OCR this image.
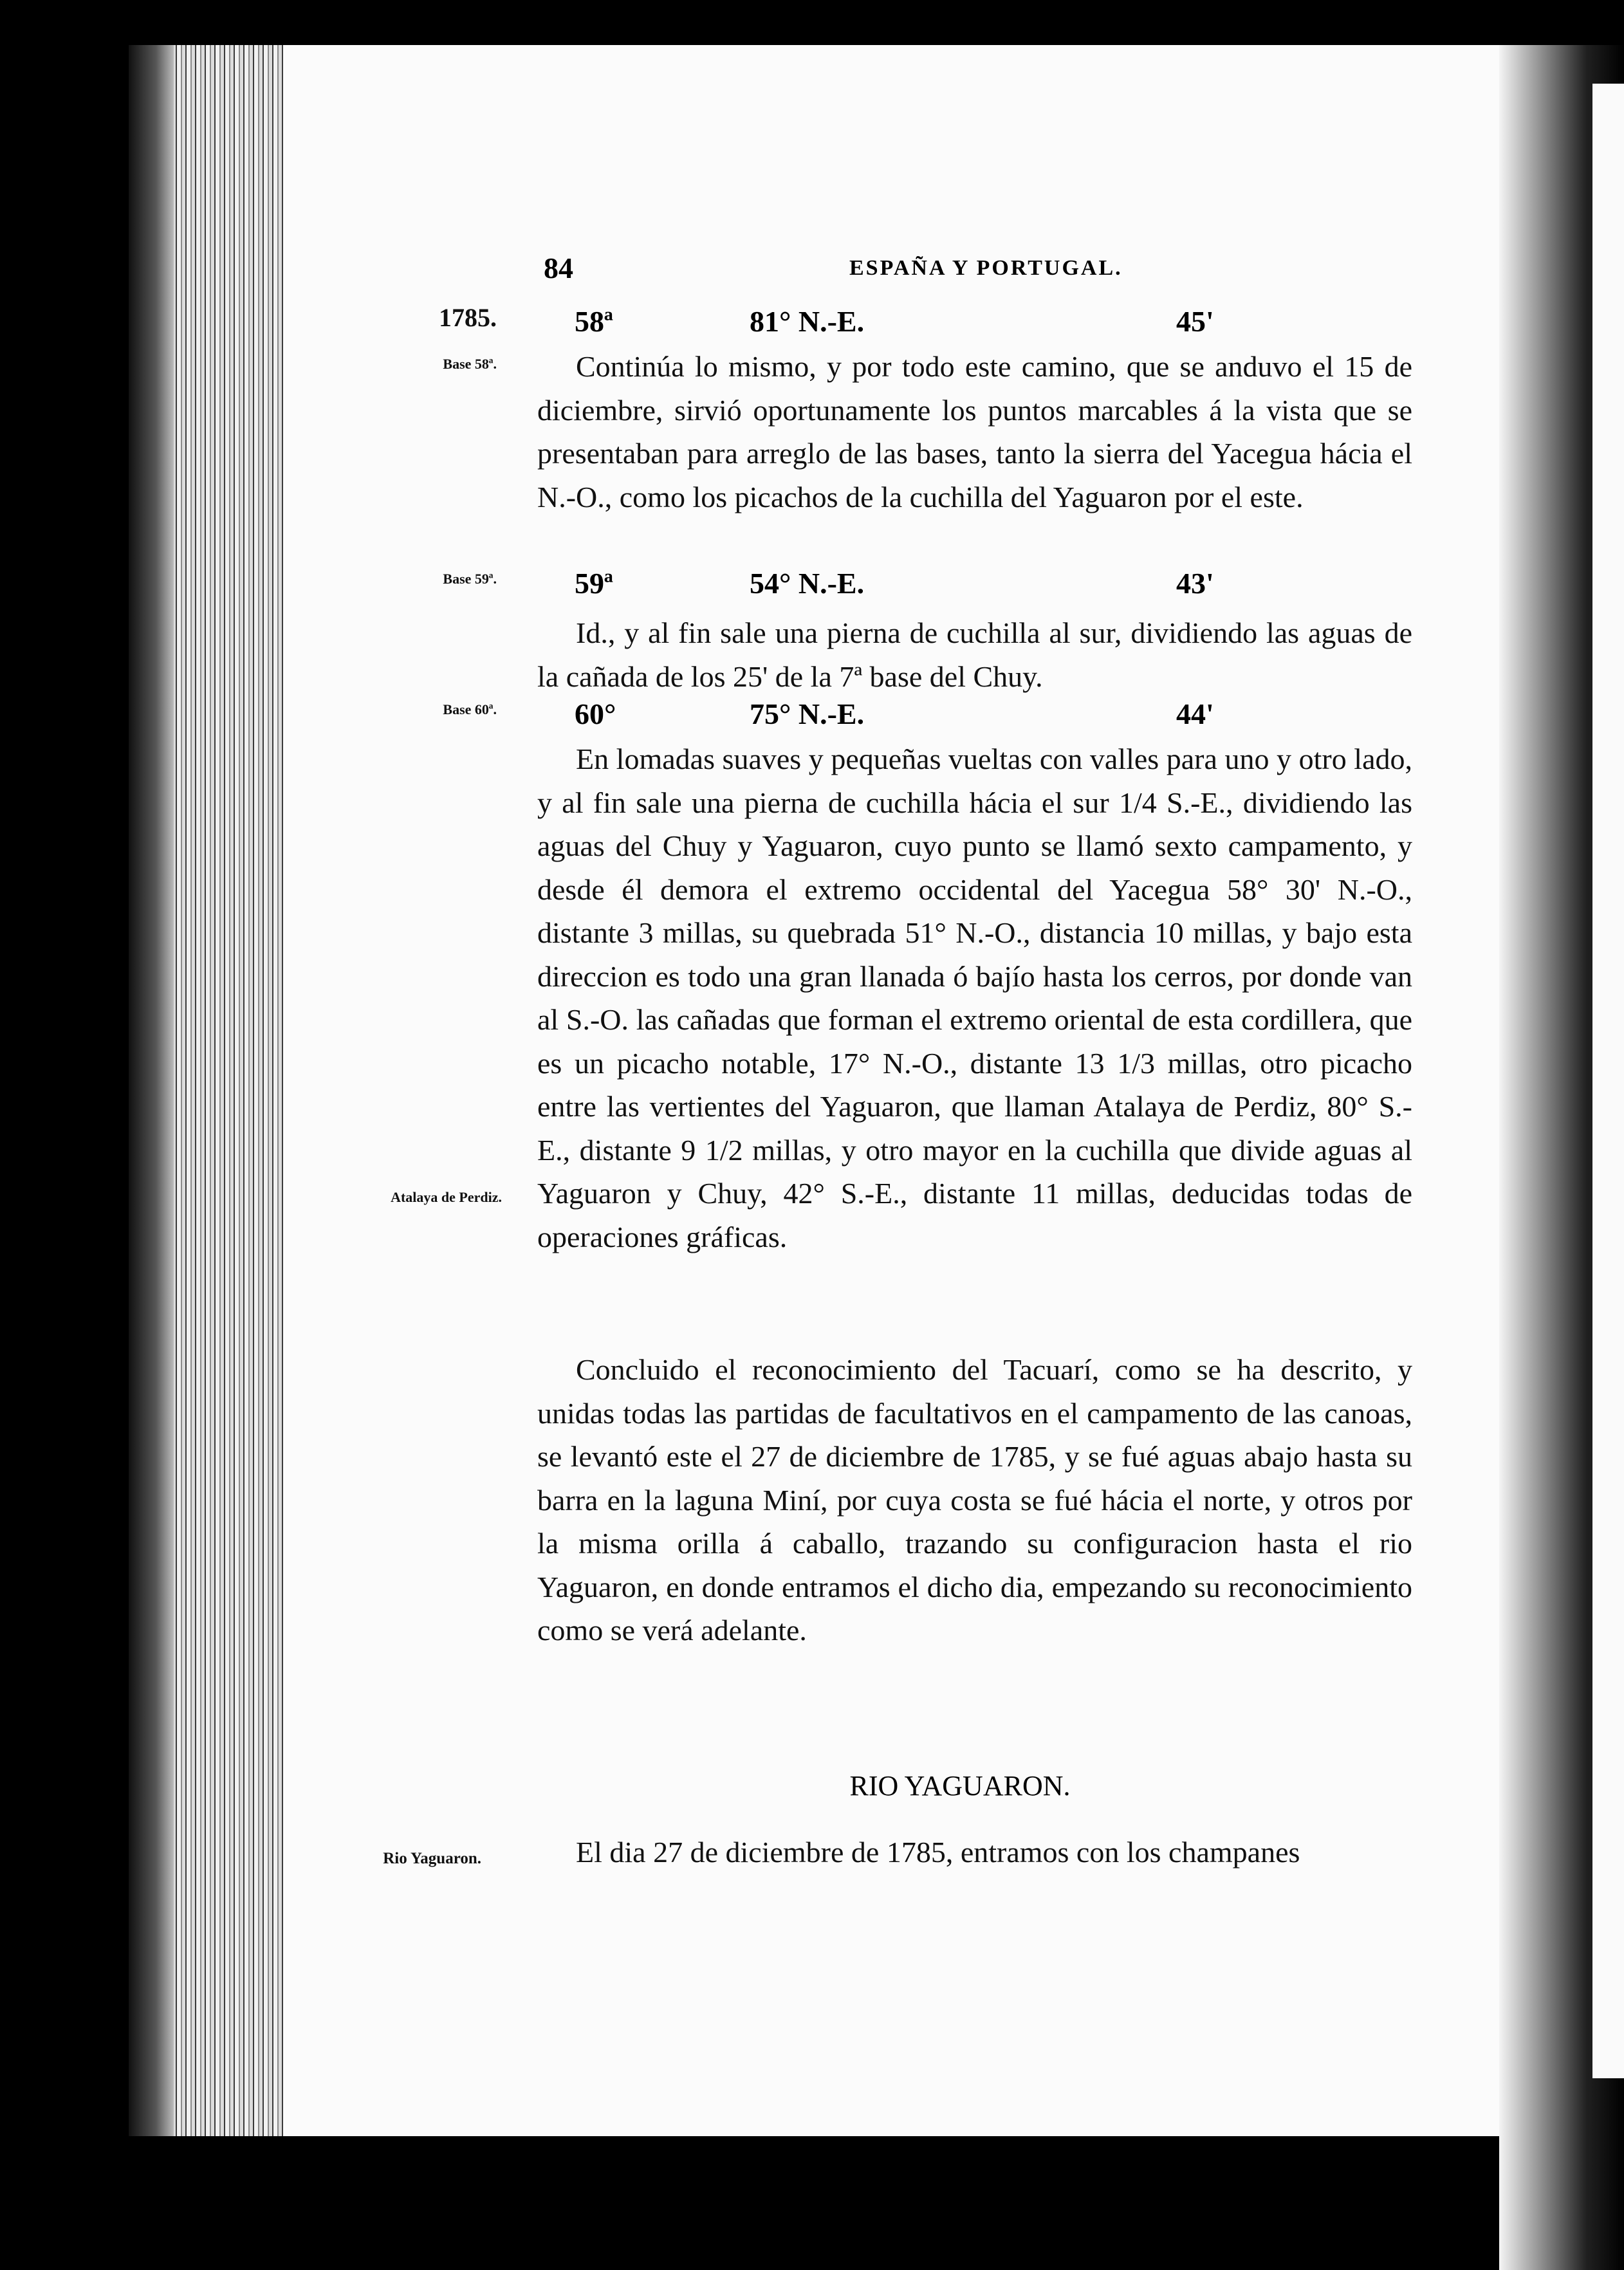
84	ESPAÑA Y PORTUGAL.
1785.
Base 58ª.
Base 59ª.
Base 60ª.
Atalaya de Perdiz.
Rio Yaguaron.
58ª	81° N.-E.	45'
Continúa lo mismo, y por todo este camino, que se anduvo el 15 de diciembre, sirvió oportunamente los puntos marcables á la vista que se presentaban para arreglo de las bases, tanto la sierra del Yacegua hácia el N.-O., como los picachos de la cuchilla del Yaguaron por el este.
59ª	54° N.-E.	43'
Id., y al fin sale una pierna de cuchilla al sur, dividiendo las aguas de la cañada de los 25' de la 7ª base del Chuy.
60°	75° N.-E.	44'
En lomadas suaves y pequeñas vueltas con valles para uno y otro lado, y al fin sale una pierna de cuchilla hácia el sur 1/4 S.-E., dividiendo las aguas del Chuy y Yaguaron, cuyo punto se llamó sexto campamento, y desde él demora el extremo occidental del Yacegua 58° 30' N.-O., distante 3 millas, su quebrada 51° N.-O., distancia 10 millas, y bajo esta direccion es todo una gran llanada ó bajío hasta los cerros, por donde van al S.-O. las cañadas que forman el extremo oriental de esta cordillera, que es un picacho notable, 17° N.-O., distante 13 1/3 millas, otro picacho entre las vertientes del Yaguaron, que llaman Atalaya de Perdiz, 80° S.-E., distante 9 1/2 millas, y otro mayor en la cuchilla que divide aguas al Yaguaron y Chuy, 42° S.-E., distante 11 millas, deducidas todas de operaciones gráficas.
Concluido el reconocimiento del Tacuarí, como se ha descrito, y unidas todas las partidas de facultativos en el campamento de las canoas, se levantó este el 27 de diciembre de 1785, y se fué aguas abajo hasta su barra en la laguna Miní, por cuya costa se fué hácia el norte, y otros por la misma orilla á caballo, trazando su configuracion hasta el rio Yaguaron, en donde entramos el dicho dia, empezando su reconocimiento como se verá adelante.
RIO YAGUARON.
El dia 27 de diciembre de 1785, entramos con los champanes
